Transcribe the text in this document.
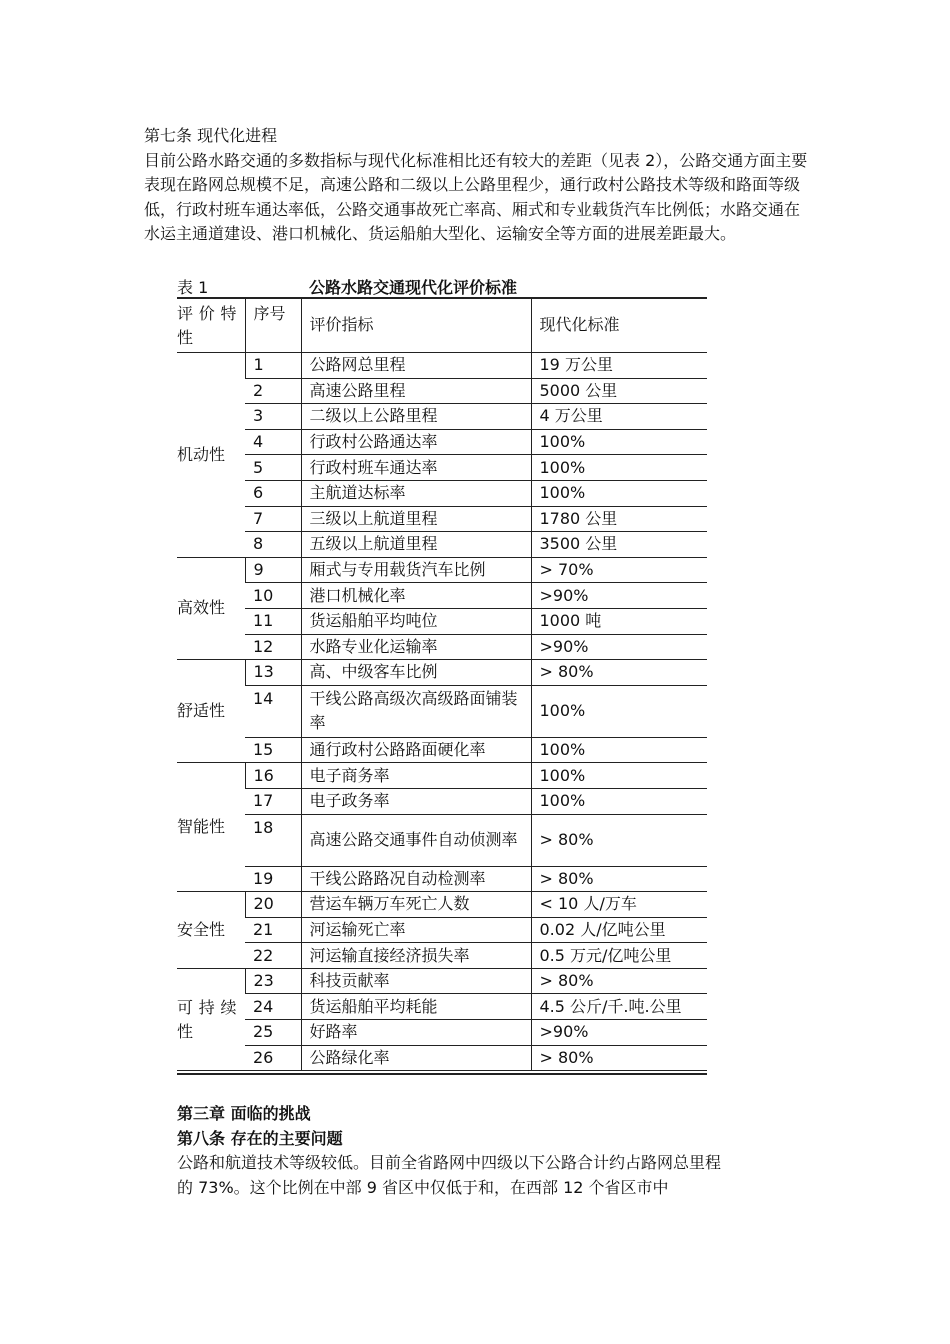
第七条 现代化进程

目前公路水路交通的多数指标与现代化标准相比还有较大的差距（见表 2），公路交通方面主要表现在路网总规模不足，高速公路和二级以上公路里程少，通行政村公路技术等级和路面等级低，行政村班车通达率低，公路交通事故死亡率高、厢式和专业载货汽车比例低；水路交通在水运主通道建设、港口机械化、货运船舶大型化、运输安全等方面的进展差距最大。

表 1	公路水路交通现代化评价标准
评价特性	序号	评价指标	现代化标准
机动性	1	公路网总里程	19 万公里
	2	高速公路里程	5000 公里
	3	二级以上公路里程	4 万公里
	4	行政村公路通达率	100%
	5	行政村班车通达率	100%
	6	主航道达标率	100%
	7	三级以上航道里程	1780 公里
	8	五级以上航道里程	3500 公里
高效性	9	厢式与专用载货汽车比例	> 70%
	10	港口机械化率	>90%
	11	货运船舶平均吨位	1000 吨
	12	水路专业化运输率	>90%
舒适性	13	高、中级客车比例	> 80%
	14	干线公路高级次高级路面铺装率	100%
	15	通行政村公路路面硬化率	100%
智能性	16	电子商务率	100%
	17	电子政务率	100%
	18	高速公路交通事件自动侦测率	> 80%
	19	干线公路路况自动检测率	> 80%
安全性	20	营运车辆万车死亡人数	< 10 人/万车
	21	河运输死亡率	0.02 人/亿吨公里
	22	河运输直接经济损失率	0.5 万元/亿吨公里
可持续性	23	科技贡献率	> 80%
	24	货运船舶平均耗能	4.5 公斤/千.吨.公里
	25	好路率	>90%
	26	公路绿化率	> 80%

第三章 面临的挑战

第八条 存在的主要问题

公路和航道技术等级较低。目前全省路网中四级以下公路合计约占路网总里程的 73%。这个比例在中部 9 省区中仅低于和，在西部 12 个省区市中
